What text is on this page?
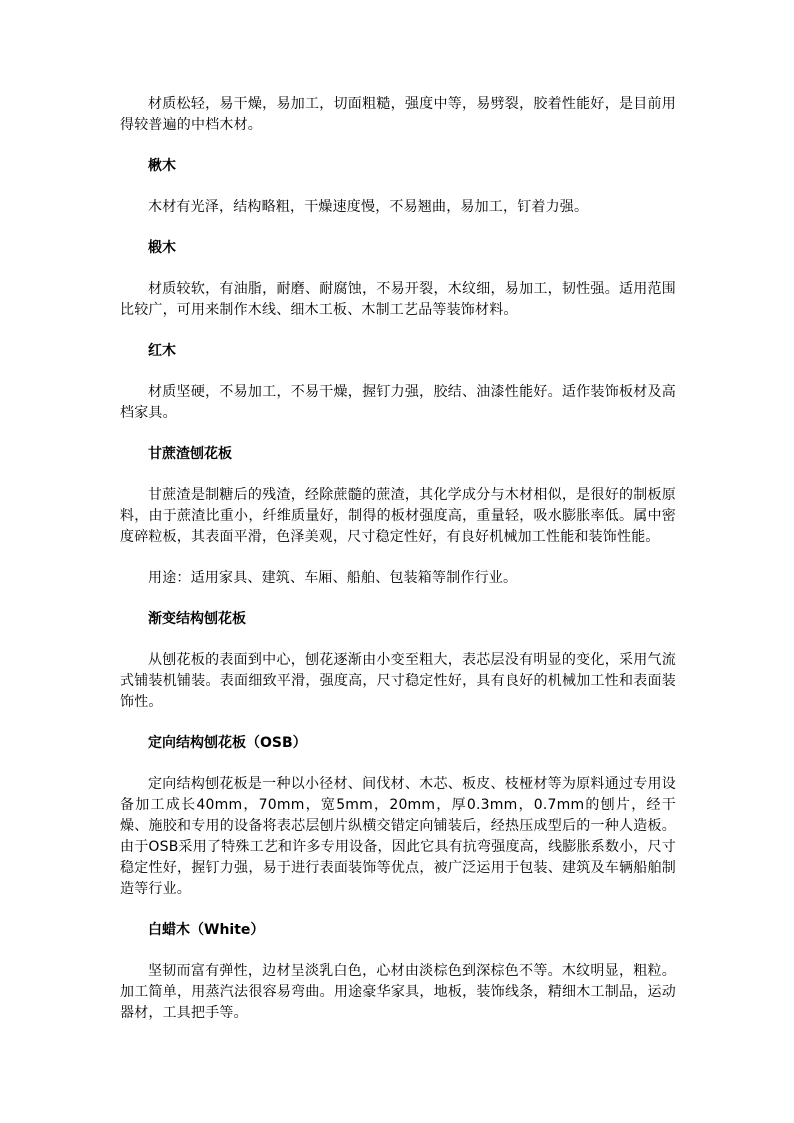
材质松轻，易干燥，易加工，切面粗糙，强度中等，易劈裂，胶着性能好，是目前用得较普遍的中档木材。

楸木

木材有光泽，结构略粗，干燥速度慢，不易翘曲，易加工，钉着力强。

椴木

材质较软，有油脂，耐磨、耐腐蚀，不易开裂，木纹细，易加工，韧性强。适用范围比较广，可用来制作木线、细木工板、木制工艺品等装饰材料。

红木

材质坚硬，不易加工，不易干燥，握钉力强，胶结、油漆性能好。适作装饰板材及高档家具。

甘蔗渣刨花板

甘蔗渣是制糖后的残渣，经除蔗髓的蔗渣，其化学成分与木材相似，是很好的制板原料，由于蔗渣比重小，纤维质量好，制得的板材强度高，重量轻，吸水膨胀率低。属中密度碎粒板，其表面平滑，色泽美观，尺寸稳定性好，有良好机械加工性能和装饰性能。

用途：适用家具、建筑、车厢、船舶、包装箱等制作行业。

渐变结构刨花板

从刨花板的表面到中心，刨花逐渐由小变至粗大，表芯层没有明显的变化，采用气流式铺装机铺装。表面细致平滑，强度高，尺寸稳定性好，具有良好的机械加工性和表面装饰性。

定向结构刨花板（OSB）

定向结构刨花板是一种以小径材、间伐材、木芯、板皮、枝桠材等为原料通过专用设备加工成长40mm，70mm，宽5mm，20mm，厚0.3mm，0.7mm的刨片，经干燥、施胶和专用的设备将表芯层刨片纵横交错定向铺装后，经热压成型后的一种人造板。由于OSB采用了特殊工艺和许多专用设备，因此它具有抗弯强度高，线膨胀系数小，尺寸稳定性好，握钉力强，易于进行表面装饰等优点，被广泛运用于包装、建筑及车辆船舶制造等行业。

白蜡木（White）

坚韧而富有弹性，边材呈淡乳白色，心材由淡棕色到深棕色不等。木纹明显，粗粒。加工简单，用蒸汽法很容易弯曲。用途豪华家具，地板，装饰线条，精细木工制品，运动器材，工具把手等。
